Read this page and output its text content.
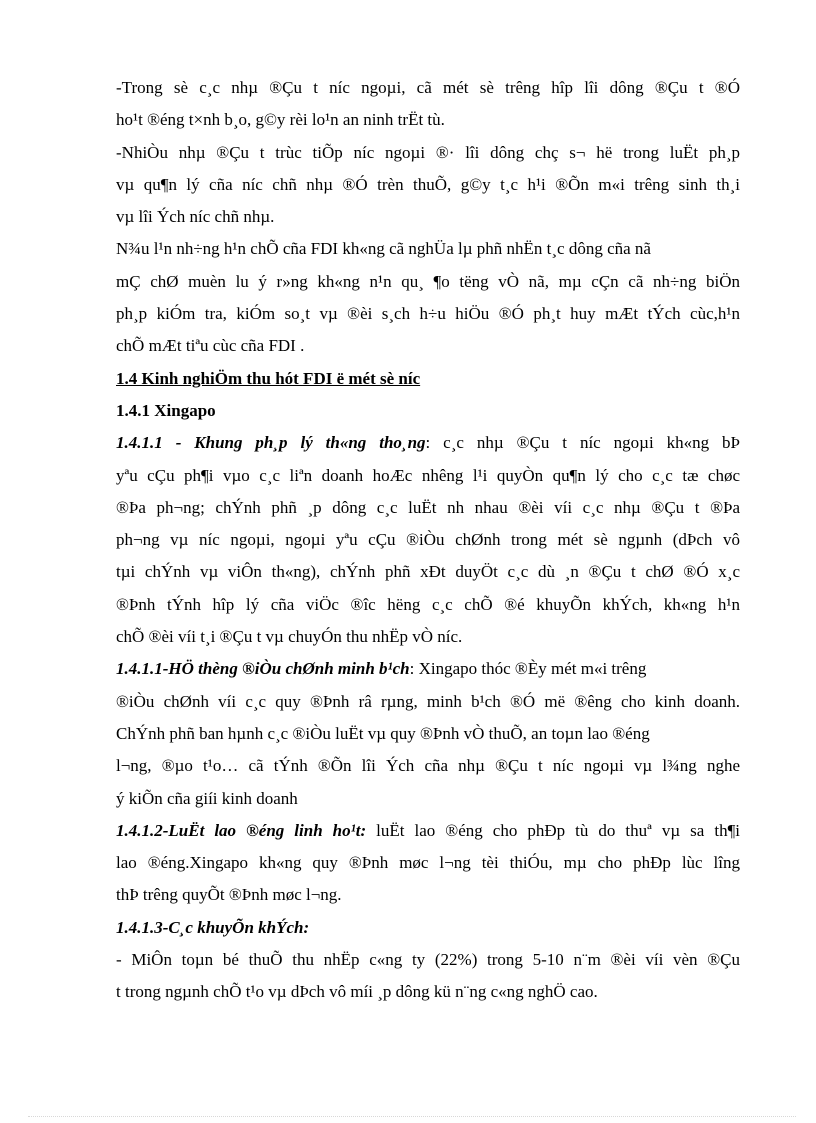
-Trong sè c¸c nhµ ®Çu t níc ngoµi, cã mét sè trêng hîp lîi dông ®Çu t ®Ó
ho¹t ®éng t×nh b¸o, g©y rèi lo¹n an ninh trËt tù.
-NhiÒu nhµ ®Çu t trùc tiÕp níc ngoµi ®· lîi dông chç s¬ hë trong luËt ph¸p
vµ qu¶n lý cña níc chñ nhµ ®Ó trèn thuÕ, g©y t¸c h¹i ®Õn m«i trêng sinh th¸i
vµ lîi Ých níc chñ nhµ.
N¾u l¹n nh÷ng h¹n chÕ cña FDI kh«ng cã nghÜa lµ phñ nhËn t¸c dông cña nã
mÇ chØ muèn lu ý r»ng kh«ng n¹n qu¸ ¶o tëng vÒ nã, mµ cÇn cã nh÷ng biÖn
ph¸p kiÓm tra, kiÓm so¸t vµ ®èi s¸ch h÷u hiÖu ®Ó ph¸t huy mÆt tÝch cùc,h¹n
chÕ mÆt tiªu cùc cña FDI .
1.4 Kinh nghiÖm thu hót FDI ë mét sè níc
1.4.1 Xingapo
1.4.1.1 - Khung ph¸p lý th«ng tho¸ng: c¸c nhµ ®Çu t níc ngoµi kh«ng bÞ
yªu cÇu ph¶i vµo c¸c liªn doanh hoÆc nhêng l¹i quyÒn qu¶n lý cho c¸c tæ chøc
®Þa ph¬ng; chÝnh phñ ¸p dông c¸c luËt nh nhau ®èi víi c¸c nhµ ®Çu t ®Þa
ph¬ng vµ níc ngoµi, ngoµi yªu cÇu ®iÒu chØnh trong mét sè ngµnh (dÞch vô
tµi chÝnh vµ viÔn th«ng), chÝnh phñ xÐt duyÖt c¸c dù ¸n ®Çu t chØ ®Ó x¸c
®Þnh tÝnh hîp lý cña viÖc ®îc hëng c¸c chÕ ®é khuyÕn khÝch, kh«ng h¹n
chÕ ®èi víi t¸i ®Çu t vµ chuyÓn thu nhËp vÒ níc.
1.4.1.1-HÖ thèng ®iÒu chØnh minh b¹ch: Xingapo thóc ®Èy mét m«i trêng
®iÒu chØnh víi c¸c quy ®Þnh râ rµng, minh b¹ch ®Ó më ®êng cho kinh doanh.
ChÝnh phñ ban hµnh c¸c ®iÒu luËt vµ quy ®Þnh vÒ thuÕ, an toµn lao ®éng
l¬ng, ®µo t¹o… cã tÝnh ®Õn lîi Ých cña nhµ ®Çu t níc ngoµi vµ l¾ng nghe
ý kiÕn cña giíi kinh doanh
1.4.1.2-LuËt lao ®éng linh ho¹t: luËt lao ®éng cho phÐp tù do thuª vµ sa th¶i
lao ®éng.Xingapo kh«ng quy ®Þnh møc l¬ng tèi thiÓu, mµ cho phÐp lùc lîng
thÞ trêng quyÕt ®Þnh møc l¬ng.
1.4.1.3-C¸c khuyÕn khÝch:
- MiÔn toµn bé thuÕ thu nhËp c«ng ty (22%) trong 5-10 n¨m ®èi víi vèn ®Çu
t trong ngµnh chÕ t¹o vµ dÞch vô míi ¸p dông kü n¨ng c«ng nghÖ cao.
